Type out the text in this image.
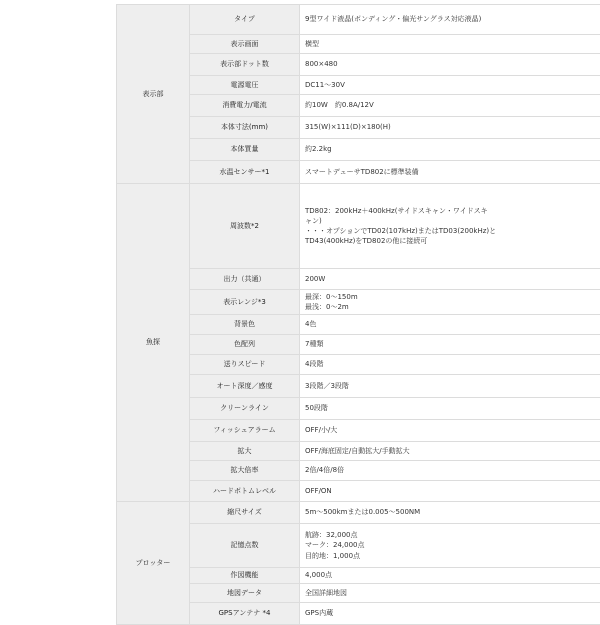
表示部	タイプ	9型ワイド液晶(ボンディング・偏光サングラス対応液晶)

	表示画面	横型

	表示部ドット数	800×480

	電源電圧	DC11〜30V

	消費電力/電流	約10W　約0.8A/12V

	本体寸法(mm)	315(W)×111(D)×180(H)

	本体質量	約2.2kg

	水温センサー*1	スマートデューサTD802に標準装備

魚探	周波数*2	TD802：200kHz＋400kHz(サイドスキャン・ワイドスキ
ャン)
・・・オプションでTD02(107kHz)またはTD03(200kHz)と
TD43(400kHz)をTD802の他に接続可

	出力（共通）	200W

	表示レンジ*3	最深：0〜150m
最浅：0〜2m

	背景色	4色

	色配列	7種類

	送りスピード	4段階

	オート深度／感度	3段階／3段階

	クリーンライン	50段階

	フィッシュアラーム	OFF/小/大

	拡大	OFF/海底固定/自動拡大/手動拡大

	拡大倍率	2倍/4倍/8倍

	ハードボトムレベル	OFF/ON

プロッター	縮尺サイズ	5m〜500kmまたは0.005〜500NM

	記憶点数	航跡：32,000点
マーク：24,000点
目的地：1,000点

	作図機能	4,000点

	地図データ	全国詳細地図

	GPSアンテナ *4	GPS内蔵
